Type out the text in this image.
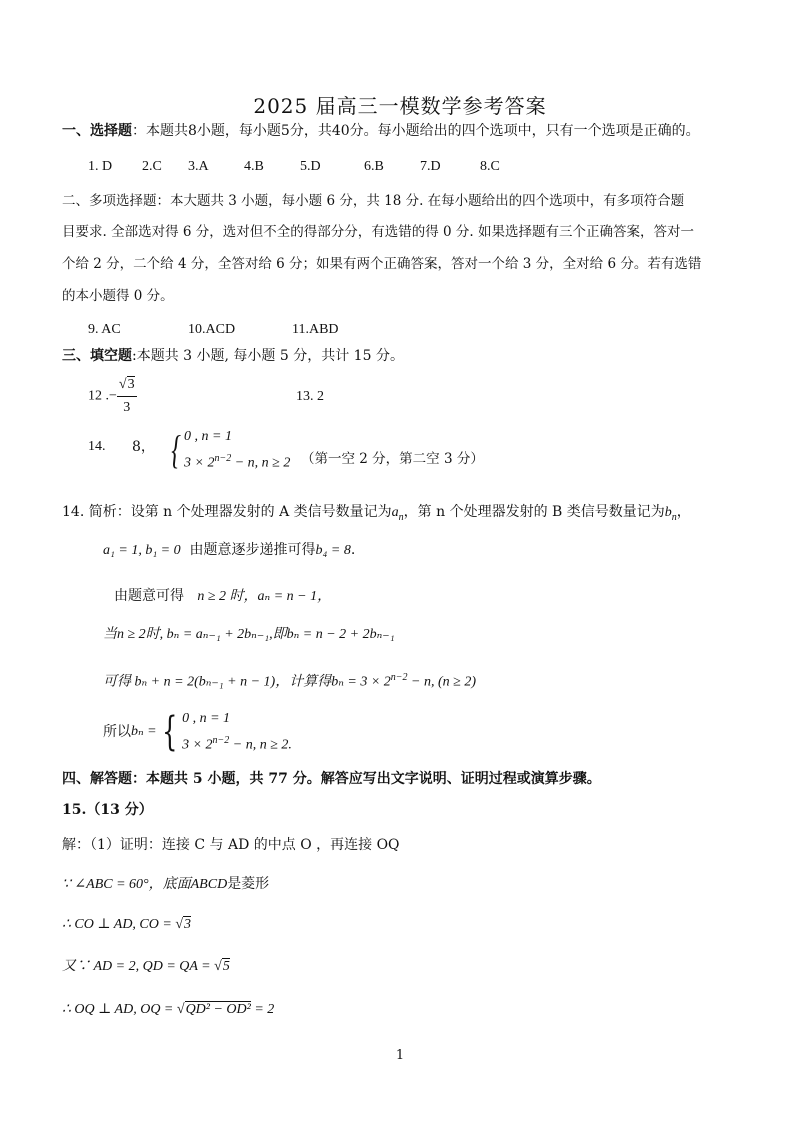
2025 届高三一模数学参考答案
一、选择题：本题共8小题，每小题5分，共40分。每小题给出的四个选项中，只有一个选项是正确的。
1. D 2.C 3.A	4.B	5.D	6.B	7.D	8.C
二、多项选择题：本大题共 3 小题，每小题 6 分，共 18 分. 在每小题给出的四个选项中，有多项符合题
目要求. 全部选对得 6 分，选对但不全的得部分分，有选错的得 0 分. 如果选择题有三个正确答案，答对一
个给 2 分，二个给 4 分，全答对给 6 分；如果有两个正确答案，答对一个给 3 分，全对给 6 分。若有选错
的本小题得 0 分。
9. AC	10.ACD	11.ABD
三、填空题:本题共 3 小题, 每小题 5 分，共计 15 分。
12 .− $\frac{√3}{3}$	13. 2
14. 8， { 0 , n = 1
$3 \times 2^{n-2} - n$, n ≥ 2 （第一空 2 分，第二空 3 分）
14. 简析：设第 n 个处理器发射的 A 类信号数量记为$a_n$，第 n 个处理器发射的 B 类信号数量记为$b_n$，
a₁ = 1, b₁ = 0 由题意逐步递推可得b₄ = 8.
由题意可得 n ≥ 2 时，aₙ = n − 1，
当n ≥ 2时, bₙ = aₙ₋₁ + 2bₙ₋₁,即bₙ = n − 2 + 2bₙ₋₁
可得 bₙ + n = 2(bₙ₋₁ + n − 1)，计算得$b_n = 3 \times 2^{n-2} - n$, (n ≥ 2)
所以 bₙ = { 0 , n = 1
$3 \times 2^{n-2} - n$, n ≥ 2.
四、解答题：本题共 5 小题，共 77 分。解答应写出文字说明、证明过程或演算步骤。
15.（13 分）
解：（1）证明：连接 C 与 AD 的中点 O ，再连接 OQ
∵ ∠ABC = 60°，底面ABCD是菱形
∴ CO ⊥ AD, CO = √3
又∵ AD = 2, QD = QA = √5
∴ OQ ⊥ AD, OQ = √QD² − OD² = 2
1
